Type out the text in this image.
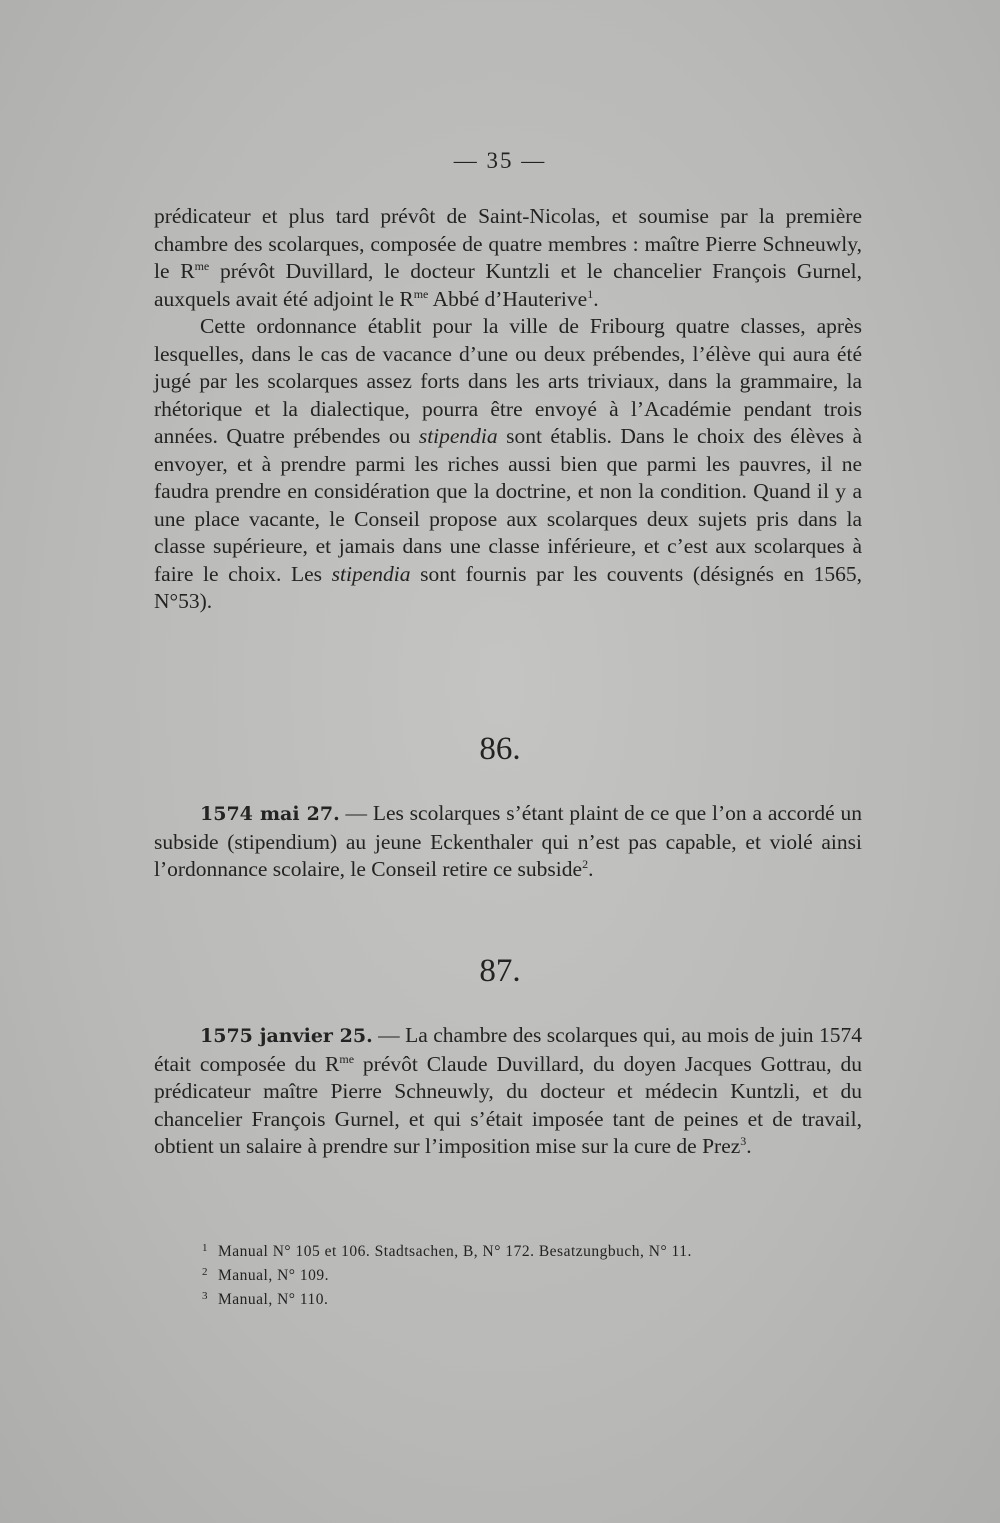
— 35 —

prédicateur et plus tard prévôt de Saint-Nicolas, et soumise par la première chambre des scolarques, composée de quatre membres : maître Pierre Schneuwly, le $R^{me}$ prévôt Duvillard, le docteur Kuntzli et le chancelier François Gurnel, auxquels avait été adjoint le $R^{me}$ Abbé d’Hauterive$^1$.

Cette ordonnance établit pour la ville de Fribourg quatre classes, après lesquelles, dans le cas de vacance d’une ou deux prébendes, l’élève qui aura été jugé par les scolarques assez forts dans les arts triviaux, dans la grammaire, la rhétorique et la dialectique, pourra être envoyé à l’Académie pendant trois années. Quatre prébendes ou stipendia sont établis. Dans le choix des élèves à envoyer, et à prendre parmi les riches aussi bien que parmi les pauvres, il ne faudra prendre en considération que la doctrine, et non la condition. Quand il y a une place vacante, le Conseil propose aux scolarques deux sujets pris dans la classe supérieure, et jamais dans une classe inférieure, et c’est aux scolarques à faire le choix. Les stipendia sont fournis par les couvents (désignés en 1565, N°53).

86.

1574 mai 27. — Les scolarques s’étant plaint de ce que l’on a accordé un subside (stipendium) au jeune Eckenthaler qui n’est pas capable, et violé ainsi l’ordonnance scolaire, le Conseil retire ce subside$^2$.

87.

1575 janvier 25. — La chambre des scolarques qui, au mois de juin 1574 était composée du $R^{me}$ prévôt Claude Duvillard, du doyen Jacques Gottrau, du prédicateur maître Pierre Schneuwly, du docteur et médecin Kuntzli, et du chancelier François Gurnel, et qui s’était imposée tant de peines et de travail, obtient un salaire à prendre sur l’imposition mise sur la cure de Prez$^3$.

1 Manual N° 105 et 106. Stadtsachen, B, N° 172. Besatzungbuch, N° 11.
2 Manual, N° 109.
3 Manual, N° 110.
